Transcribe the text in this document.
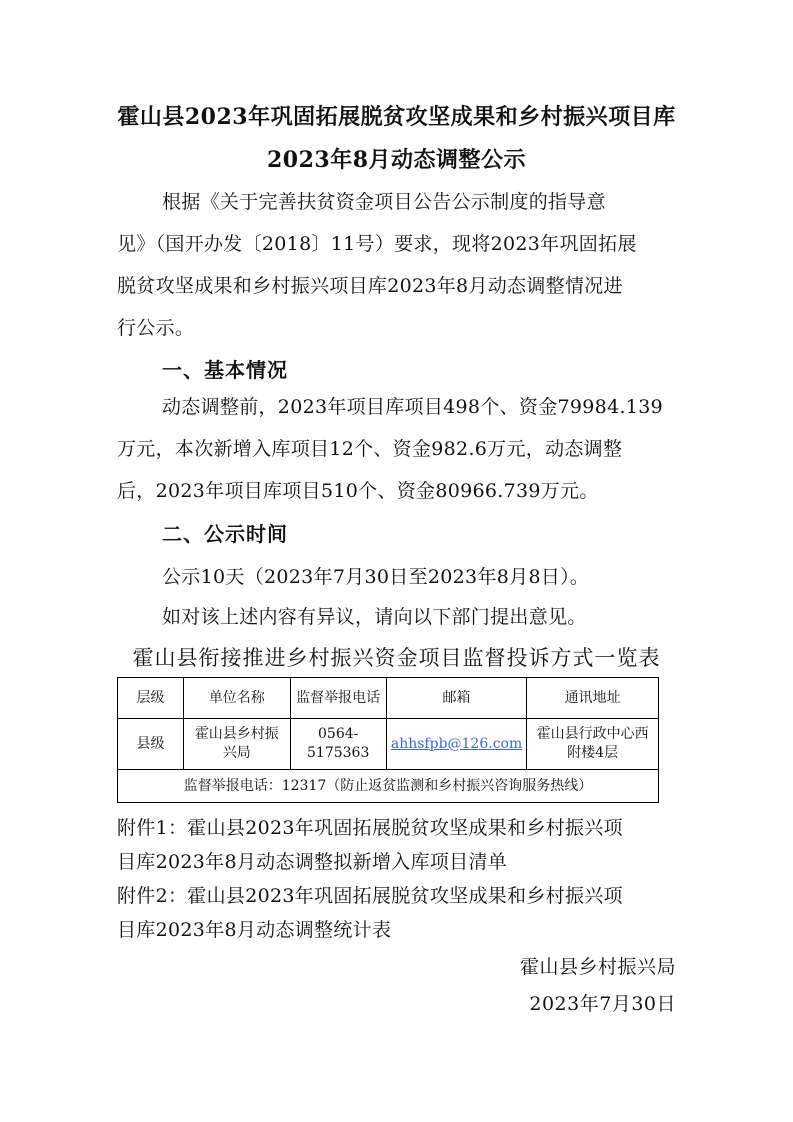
霍山县2023年巩固拓展脱贫攻坚成果和乡村振兴项目库
2023年8月动态调整公示

根据《关于完善扶贫资金项目公告公示制度的指导意

见》（国开办发〔2018〕11号）要求，现将2023年巩固拓展

脱贫攻坚成果和乡村振兴项目库2023年8月动态调整情况进

行公示。

一、基本情况

动态调整前，2023年项目库项目498个、资金79984.139

万元，本次新增入库项目12个、资金982.6万元，动态调整

后，2023年项目库项目510个、资金80966.739万元。

二、公示时间
公示10天（2023年7月30日至2023年8月8日）。
如对该上述内容有异议，请向以下部门提出意见。
霍山县衔接推进乡村振兴资金项目监督投诉方式一览表
层级	单位名称	监督举报电话	邮箱	通讯地址
县级	霍山县乡村振兴局	0564-5175363	ahhsfpb@126.com	霍山县行政中心西附楼4层
监督举报电话：12317（防止返贫监测和乡村振兴咨询服务热线）				

附件1：霍山县2023年巩固拓展脱贫攻坚成果和乡村振兴项

目库2023年8月动态调整拟新增入库项目清单

附件2：霍山县2023年巩固拓展脱贫攻坚成果和乡村振兴项

目库2023年8月动态调整统计表

霍山县乡村振兴局
2023年7月30日
